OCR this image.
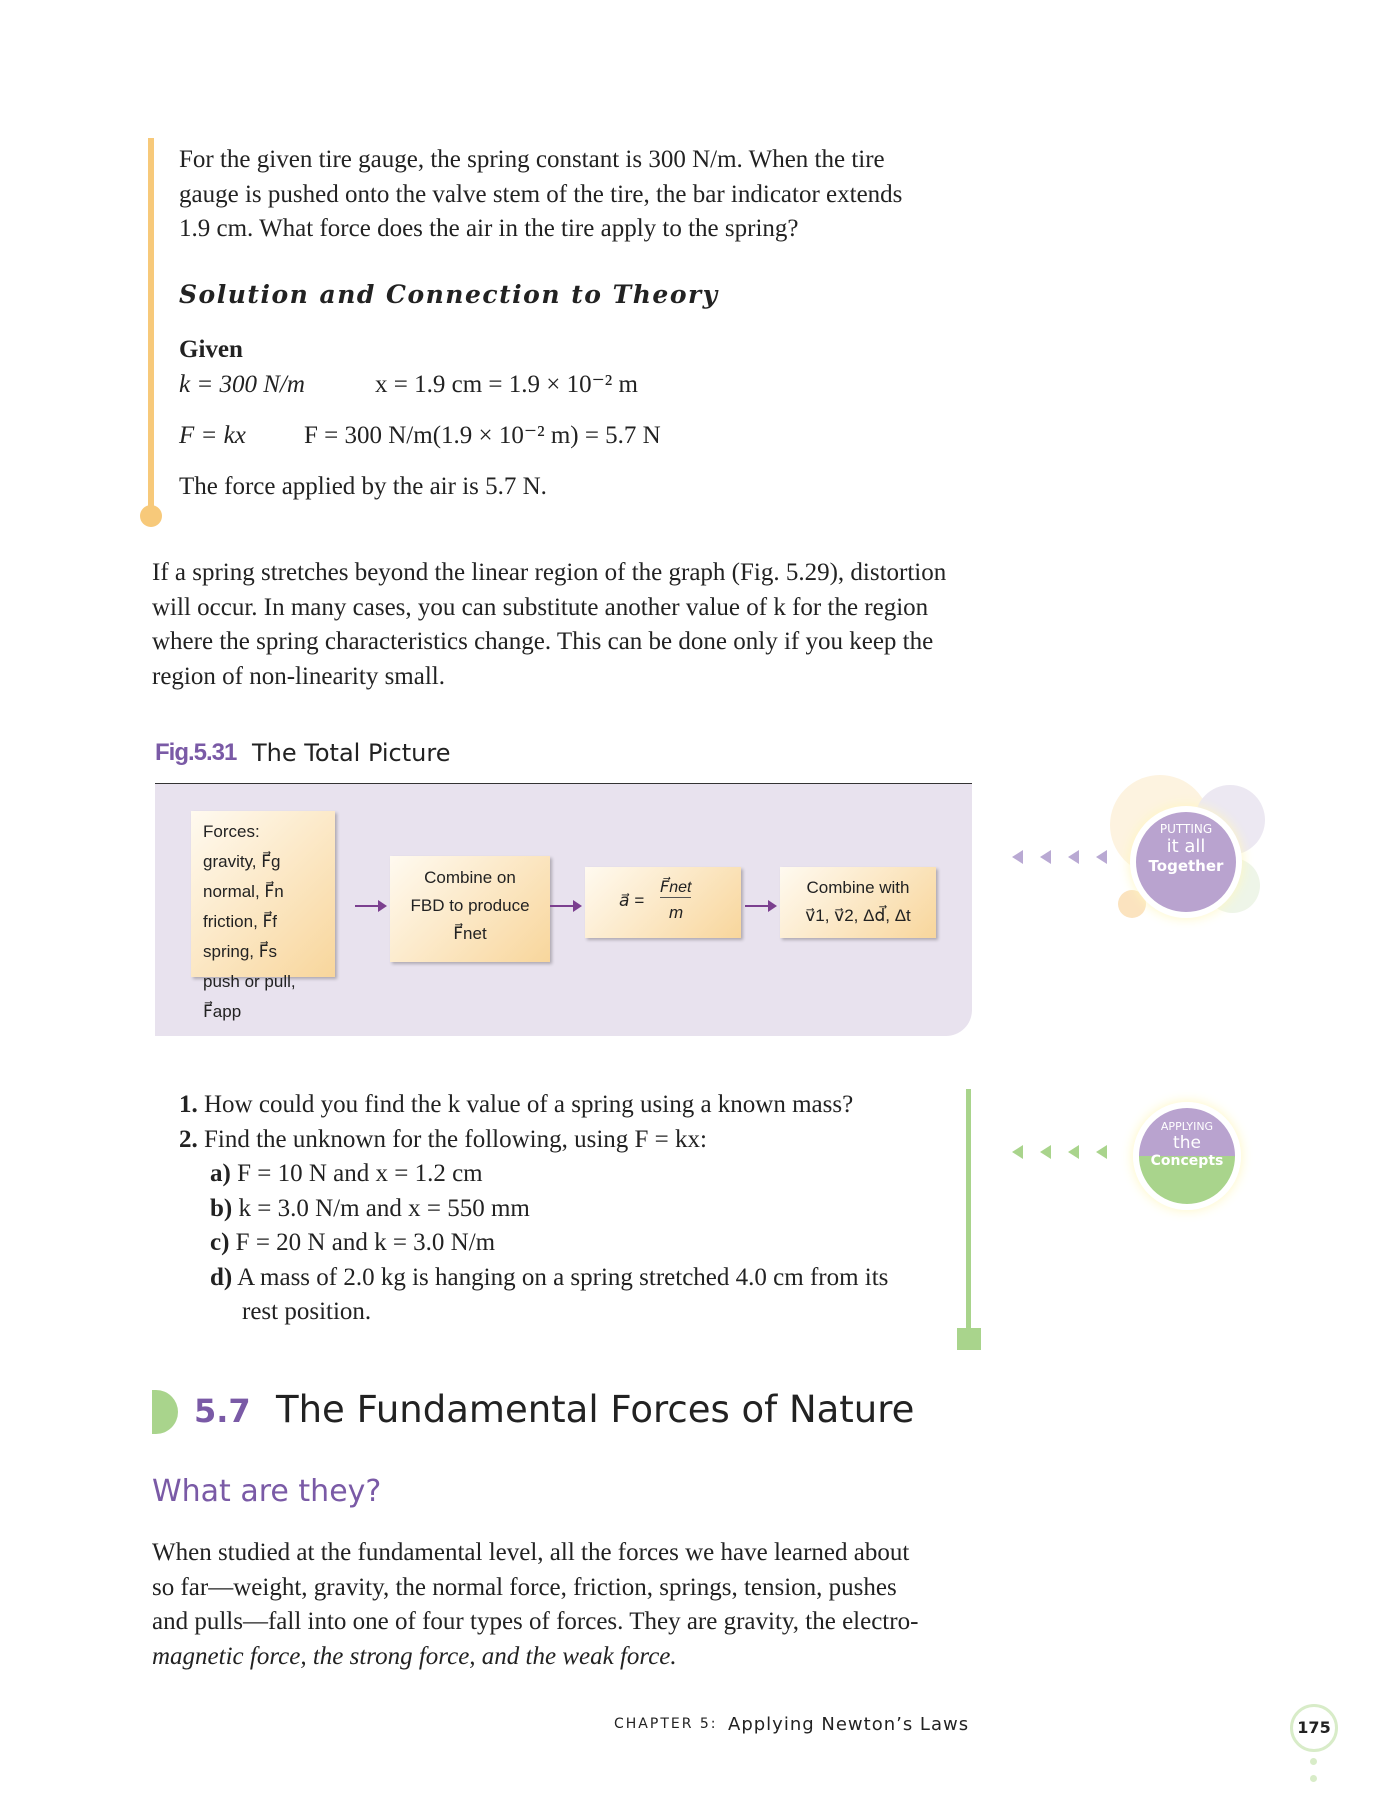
For the given tire gauge, the spring constant is 300 N/m. When the tire
gauge is pushed onto the valve stem of the tire, the bar indicator extends
1.9 cm. What force does the air in the tire apply to the spring?
Solution and Connection to Theory
Given
k = 300 N/m	x = 1.9 cm = 1.9 × 10⁻² m
F = kx F = 300 N/m(1.9 × 10⁻² m) = 5.7 N
The force applied by the air is 5.7 N.
If a spring stretches beyond the linear region of the graph (Fig. 5.29), distortion
will occur. In many cases, you can substitute another value of k for the region
where the spring characteristics change. This can be done only if you keep the
region of non-linearity small.
Fig.5.31 The Total Picture
Forces:
gravity, F⃗g
normal, F⃗n
friction, F⃗f
spring, F⃗s
push or pull, F⃗app
Combine on
FBD to produce
F⃗net
a⃗ =
F⃗net
m
Combine with
v⃗1, v⃗2, Δd⃗, Δt
PUTTING
it all
Together
APPLYING
the
Concepts
1. How could you find the k value of a spring using a known mass?
2. Find the unknown for the following, using F = kx:
a) F = 10 N and x = 1.2 cm
b) k = 3.0 N/m and x = 550 mm
c) F = 20 N and k = 3.0 N/m
d) A mass of 2.0 kg is hanging on a spring stretched 4.0 cm from its
rest position.
5.7 The Fundamental Forces of Nature
What are they?
When studied at the fundamental level, all the forces we have learned about
so far—weight, gravity, the normal force, friction, springs, tension, pushes
and pulls—fall into one of four types of forces. They are gravity, the electro-
magnetic force, the strong force, and the weak force.
CHAPTER 5: Applying Newton’s Laws	175
